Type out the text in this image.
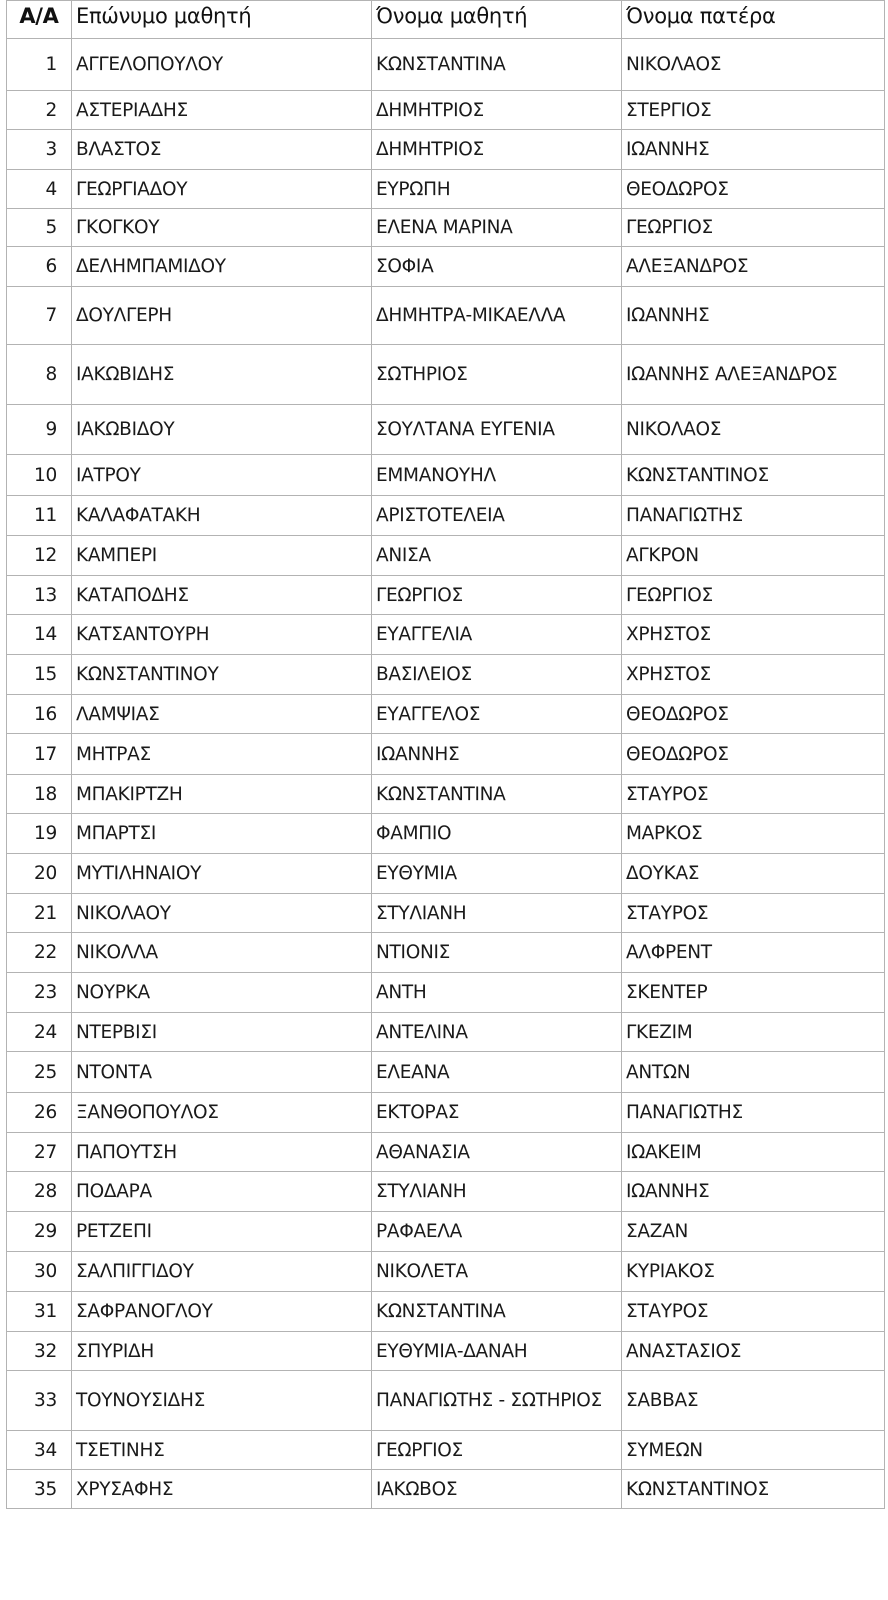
Α/Α	Επώνυμο μαθητή	Όνομα μαθητή	Όνομα πατέρα
1	ΑΓΓΕΛΟΠΟΥΛΟΥ	ΚΩΝΣΤΑΝΤΙΝΑ	ΝΙΚΟΛΑΟΣ
2	ΑΣΤΕΡΙΑΔΗΣ	ΔΗΜΗΤΡΙΟΣ	ΣΤΕΡΓΙΟΣ
3	ΒΛΑΣΤΟΣ	ΔΗΜΗΤΡΙΟΣ	ΙΩΑΝΝΗΣ
4	ΓΕΩΡΓΙΑΔΟΥ	ΕΥΡΩΠΗ	ΘΕΟΔΩΡΟΣ
5	ΓΚΟΓΚΟΥ	ΕΛΕΝΑ ΜΑΡΙΝΑ	ΓΕΩΡΓΙΟΣ
6	ΔΕΛΗΜΠΑΜΙΔΟΥ	ΣΟΦΙΑ	ΑΛΕΞΑΝΔΡΟΣ
7	ΔΟΥΛΓΕΡΗ	ΔΗΜΗΤΡΑ-ΜΙΚΑΕΛΛΑ	ΙΩΑΝΝΗΣ
8	ΙΑΚΩΒΙΔΗΣ	ΣΩΤΗΡΙΟΣ	ΙΩΑΝΝΗΣ ΑΛΕΞΑΝΔΡΟΣ
9	ΙΑΚΩΒΙΔΟΥ	ΣΟΥΛΤΑΝΑ ΕΥΓΕΝΙΑ	ΝΙΚΟΛΑΟΣ
10	ΙΑΤΡΟΥ	ΕΜΜΑΝΟΥΗΛ	ΚΩΝΣΤΑΝΤΙΝΟΣ
11	ΚΑΛΑΦΑΤΑΚΗ	ΑΡΙΣΤΟΤΕΛΕΙΑ	ΠΑΝΑΓΙΩΤΗΣ
12	ΚΑΜΠΕΡΙ	ΑΝΙΣΑ	ΑΓΚΡΟΝ
13	ΚΑΤΑΠΟΔΗΣ	ΓΕΩΡΓΙΟΣ	ΓΕΩΡΓΙΟΣ
14	ΚΑΤΣΑΝΤΟΥΡΗ	ΕΥΑΓΓΕΛΙΑ	ΧΡΗΣΤΟΣ
15	ΚΩΝΣΤΑΝΤΙΝΟΥ	ΒΑΣΙΛΕΙΟΣ	ΧΡΗΣΤΟΣ
16	ΛΑΜΨΙΑΣ	ΕΥΑΓΓΕΛΟΣ	ΘΕΟΔΩΡΟΣ
17	ΜΗΤΡΑΣ	ΙΩΑΝΝΗΣ	ΘΕΟΔΩΡΟΣ
18	ΜΠΑΚΙΡΤΖΗ	ΚΩΝΣΤΑΝΤΙΝΑ	ΣΤΑΥΡΟΣ
19	ΜΠΑΡΤΣΙ	ΦΑΜΠΙΟ	ΜΑΡΚΟΣ
20	ΜΥΤΙΛΗΝΑΙΟΥ	ΕΥΘΥΜΙΑ	ΔΟΥΚΑΣ
21	ΝΙΚΟΛΑΟΥ	ΣΤΥΛΙΑΝΗ	ΣΤΑΥΡΟΣ
22	ΝΙΚΟΛΛΑ	ΝΤΙΟΝΙΣ	ΑΛΦΡΕΝΤ
23	ΝΟΥΡΚΑ	ΑΝΤΗ	ΣΚΕΝΤΕΡ
24	ΝΤΕΡΒΙΣΙ	ΑΝΤΕΛΙΝΑ	ΓΚΕΖΙΜ
25	ΝΤΟΝΤΑ	ΕΛΕΑΝΑ	ΑΝΤΩΝ
26	ΞΑΝΘΟΠΟΥΛΟΣ	ΕΚΤΟΡΑΣ	ΠΑΝΑΓΙΩΤΗΣ
27	ΠΑΠΟΥΤΣΗ	ΑΘΑΝΑΣΙΑ	ΙΩΑΚΕΙΜ
28	ΠΟΔΑΡΑ	ΣΤΥΛΙΑΝΗ	ΙΩΑΝΝΗΣ
29	ΡΕΤΖΕΠΙ	ΡΑΦΑΕΛΑ	ΣΑΖΑΝ
30	ΣΑΛΠΙΓΓΙΔΟΥ	ΝΙΚΟΛΕΤΑ	ΚΥΡΙΑΚΟΣ
31	ΣΑΦΡΑΝΟΓΛΟΥ	ΚΩΝΣΤΑΝΤΙΝΑ	ΣΤΑΥΡΟΣ
32	ΣΠΥΡΙΔΗ	ΕΥΘΥΜΙΑ-ΔΑΝΑΗ	ΑΝΑΣΤΑΣΙΟΣ
33	ΤΟΥΝΟΥΣΙΔΗΣ	ΠΑΝΑΓΙΩΤΗΣ - ΣΩΤΗΡΙΟΣ	ΣΑΒΒΑΣ
34	ΤΣΕΤΙΝΗΣ	ΓΕΩΡΓΙΟΣ	ΣΥΜΕΩΝ
35	ΧΡΥΣΑΦΗΣ	ΙΑΚΩΒΟΣ	ΚΩΝΣΤΑΝΤΙΝΟΣ
